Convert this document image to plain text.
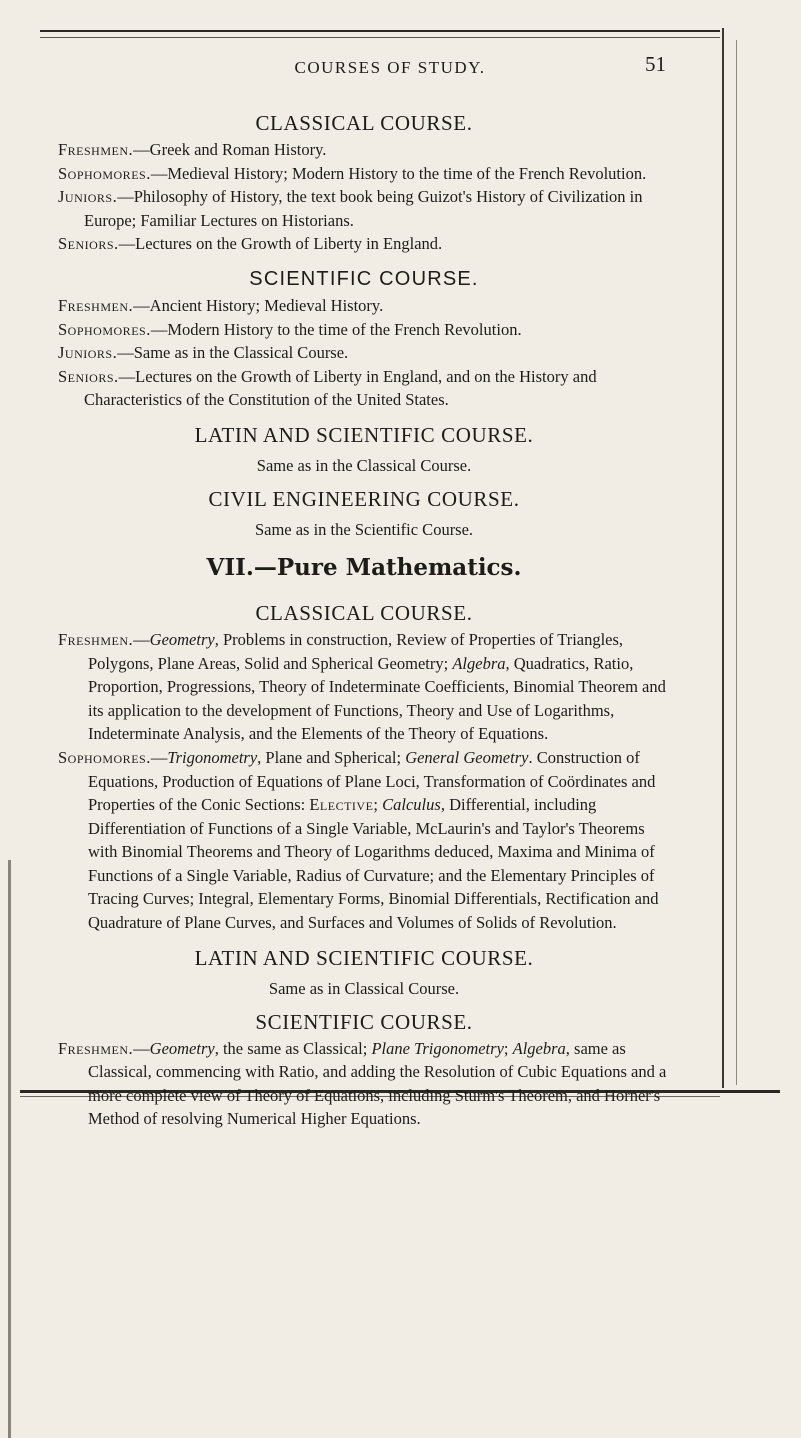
COURSES OF STUDY.	51

CLASSICAL COURSE.

Freshmen.—Greek and Roman History.

Sophomores.—Medieval History; Modern History to the time of the French Revolution.

Juniors.—Philosophy of History, the text book being Guizot's History of Civilization in Europe; Familiar Lectures on Historians.

Seniors.—Lectures on the Growth of Liberty in England.

SCIENTIFIC COURSE.

Freshmen.—Ancient History; Medieval History.

Sophomores.—Modern History to the time of the French Revolution.

Juniors.—Same as in the Classical Course.

Seniors.—Lectures on the Growth of Liberty in England, and on the History and Characteristics of the Constitution of the United States.

LATIN AND SCIENTIFIC COURSE.

Same as in the Classical Course.

CIVIL ENGINEERING COURSE.

Same as in the Scientific Course.

VII.—Pure Mathematics.

CLASSICAL COURSE.

Freshmen.—Geometry, Problems in construction, Review of Properties of Triangles, Polygons, Plane Areas, Solid and Spherical Geometry; Algebra, Quadratics, Ratio, Proportion, Progressions, Theory of Indeterminate Coefficients, Binomial Theorem and its application to the development of Functions, Theory and Use of Logarithms, Indeterminate Analysis, and the Elements of the Theory of Equations.

Sophomores.—Trigonometry, Plane and Spherical; General Geometry. Construction of Equations, Production of Equations of Plane Loci, Transformation of Coördinates and Properties of the Conic Sections: Elective; Calculus, Differential, including Differentiation of Functions of a Single Variable, McLaurin's and Taylor's Theorems with Binomial Theorems and Theory of Logarithms deduced, Maxima and Minima of Functions of a Single Variable, Radius of Curvature; and the Elementary Principles of Tracing Curves; Integral, Elementary Forms, Binomial Differentials, Rectification and Quadrature of Plane Curves, and Surfaces and Volumes of Solids of Revolution.

LATIN AND SCIENTIFIC COURSE.

Same as in Classical Course.

SCIENTIFIC COURSE.

Freshmen.—Geometry, the same as Classical; Plane Trigonometry; Algebra, same as Classical, commencing with Ratio, and adding the Resolution of Cubic Equations and a more complete view of Theory of Equations, including Sturm's Theorem, and Horner's Method of resolving Numerical Higher Equations.
